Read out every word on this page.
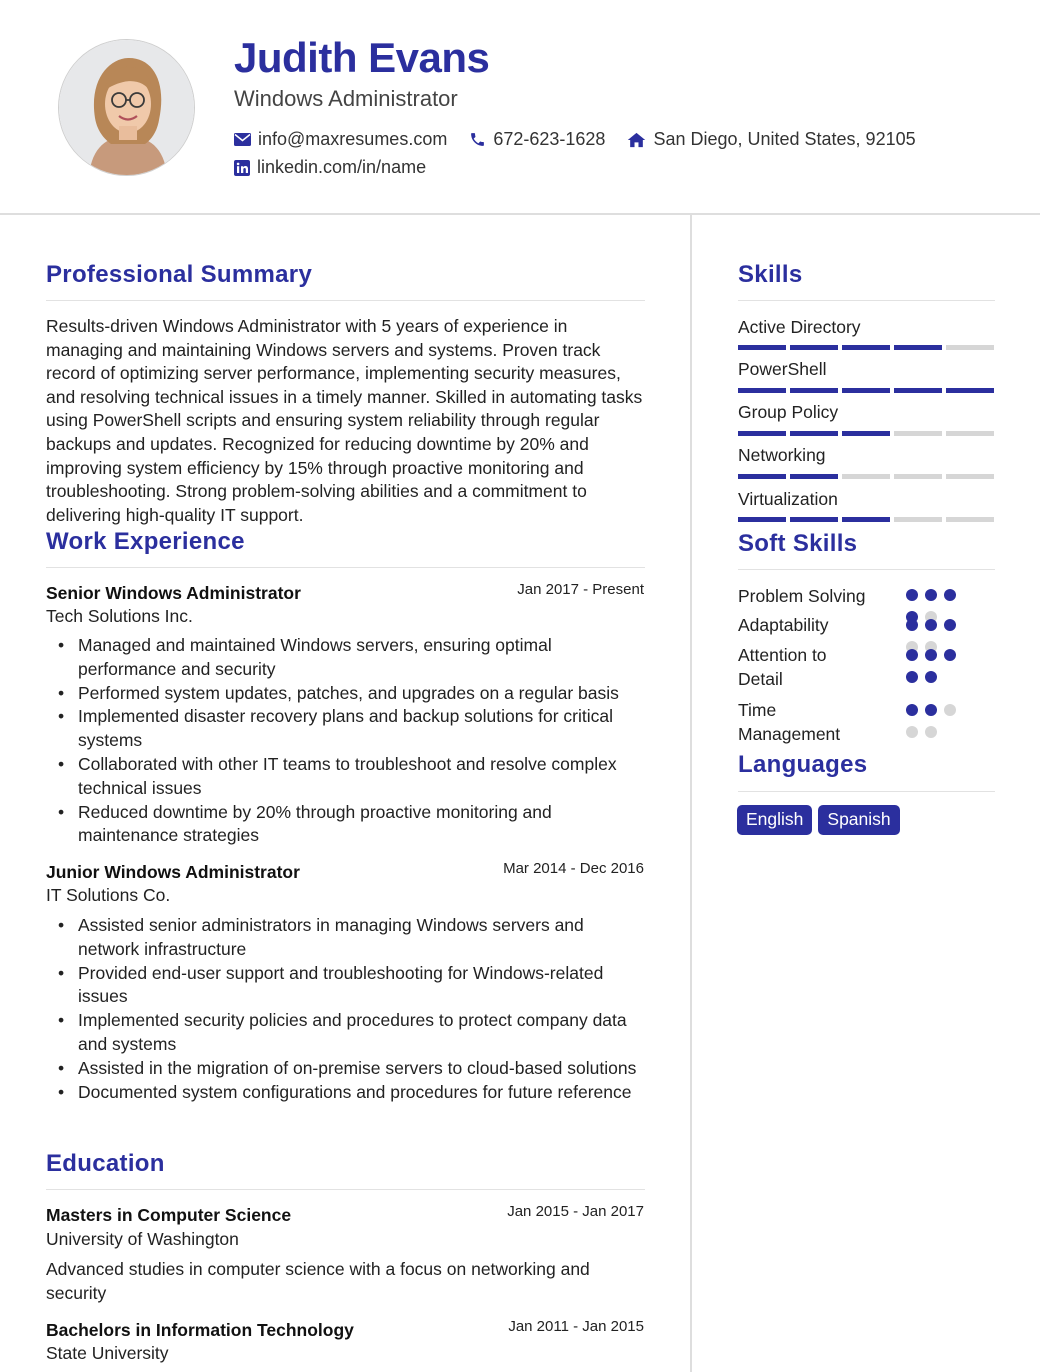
Judith Evans
Windows Administrator
info@maxresumes.com	672-623-1628	San Diego, United States, 92105
linkedin.com/in/name
Professional Summary
Results-driven Windows Administrator with 5 years of experience in managing and maintaining Windows servers and systems. Proven track record of optimizing server performance, implementing security measures, and resolving technical issues in a timely manner. Skilled in automating tasks using PowerShell scripts and ensuring system reliability through regular backups and updates. Recognized for reducing downtime by 20% and improving system efficiency by 15% through proactive monitoring and troubleshooting. Strong problem-solving abilities and a commitment to delivering high-quality IT support.
Work Experience
Senior Windows Administrator	Jan 2017 - Present
Tech Solutions Inc.
• Managed and maintained Windows servers, ensuring optimal performance and security
• Performed system updates, patches, and upgrades on a regular basis
• Implemented disaster recovery plans and backup solutions for critical systems
• Collaborated with other IT teams to troubleshoot and resolve complex technical issues
• Reduced downtime by 20% through proactive monitoring and maintenance strategies
Junior Windows Administrator	Mar 2014 - Dec 2016
IT Solutions Co.
• Assisted senior administrators in managing Windows servers and network infrastructure
• Provided end-user support and troubleshooting for Windows-related issues
• Implemented security policies and procedures to protect company data and systems
• Assisted in the migration of on-premise servers to cloud-based solutions
• Documented system configurations and procedures for future reference
Education
Masters in Computer Science	Jan 2015 - Jan 2017
University of Washington
Advanced studies in computer science with a focus on networking and security
Bachelors in Information Technology	Jan 2011 - Jan 2015
State University
Skills
Active Directory
PowerShell
Group Policy
Networking
Virtualization
Soft Skills
Problem Solving
Adaptability
Attention to Detail
Time Management
Languages
English	Spanish
